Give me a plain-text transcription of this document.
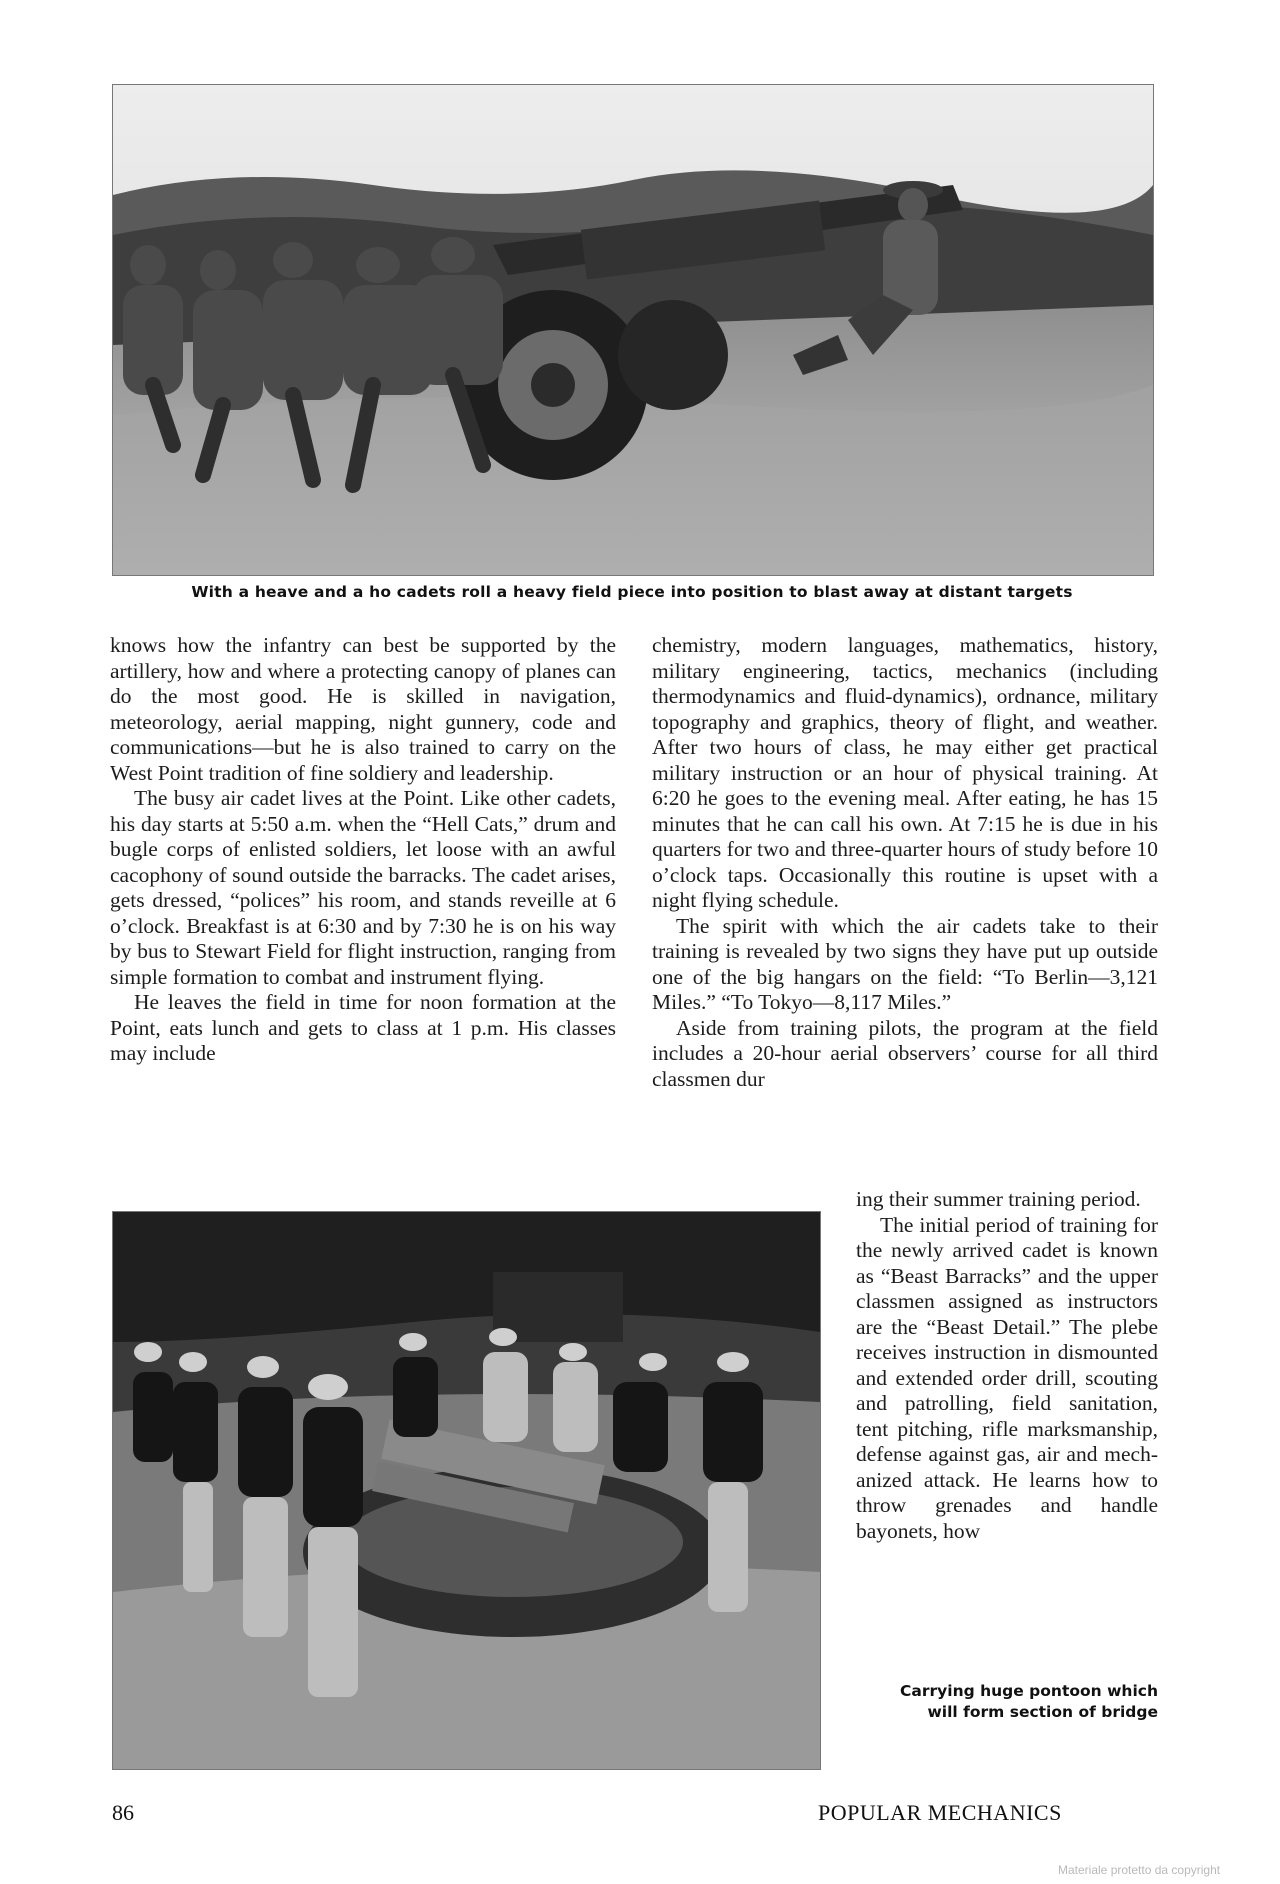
With a heave and a ho cadets roll a heavy field piece into position to blast away at distant targets

knows how the infantry can best be supported by the artillery, how and where a protecting canopy of planes can do the most good. He is skilled in navigation, meteorology, aerial mapping, night gunnery, code and communications—but he is also trained to carry on the West Point tradition of fine soldiery and leadership.

The busy air cadet lives at the Point. Like other cadets, his day starts at 5:50 a.m. when the “Hell Cats,” drum and bugle corps of enlisted soldiers, let loose with an awful cacophony of sound outside the barracks. The cadet arises, gets dressed, “polices” his room, and stands reveille at 6 o’clock. Breakfast is at 6:30 and by 7:30 he is on his way by bus to Stewart Field for flight instruction, ranging from simple formation to combat and instrument flying.

He leaves the field in time for noon formation at the Point, eats lunch and gets to class at 1 p.m. His classes may include

chemistry, modern languages, mathematics, history, military engineering, tactics, mechanics (including thermodynamics and fluid-dynamics), ordnance, military topography and graphics, theory of flight, and weather. After two hours of class, he may either get practical military instruction or an hour of physical training. At 6:20 he goes to the evening meal. After eating, he has 15 minutes that he can call his own. At 7:15 he is due in his quarters for two and three-quarter hours of study before 10 o’clock taps. Occasionally this routine is upset with a night flying schedule.

The spirit with which the air cadets take to their training is revealed by two signs they have put up outside one of the big hangars on the field: “To Berlin—3,121 Miles.” “To Tokyo—8,117 Miles.”

Aside from training pilots, the program at the field includes a 20-hour aerial observers’ course for all third classmen dur

ing their summer training period.

The initial period of training for the newly arrived cadet is known as “Beast Barracks” and the upper classmen assigned as instructors are the “Beast Detail.” The plebe receives instruction in dismounted and extended order drill, scouting and patrolling, field sanitation, tent pitching, rifle marksmanship, defense against gas, air and mechanized attack. He learns how to throw grenades and handle bayonets, how

Carrying huge pontoon which
will form section of bridge
86	POPULAR MECHANICS
Materiale protetto da copyright
